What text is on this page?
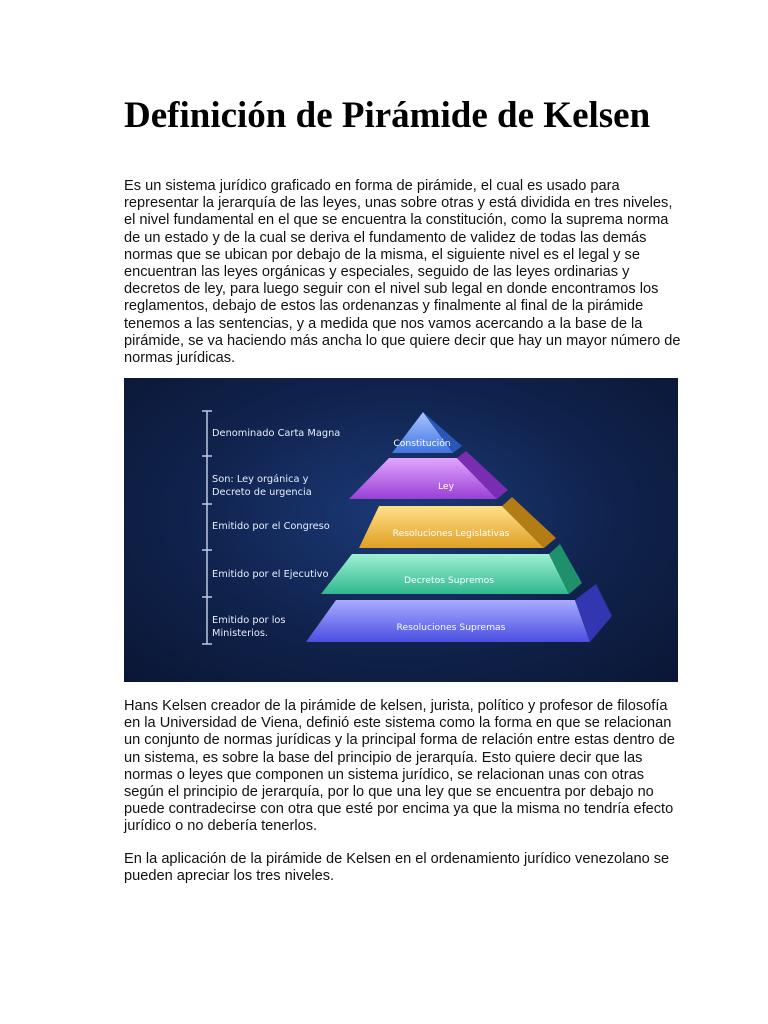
Definición de Pirámide de Kelsen

Es un sistema jurídico graficado en forma de pirámide, el cual es usado para representar la jerarquía de las leyes, unas sobre otras y está dividida en tres niveles, el nivel fundamental en el que se encuentra la constitución, como la suprema norma de un estado y de la cual se deriva el fundamento de validez de todas las demás normas que se ubican por debajo de la misma, el siguiente nivel es el legal y se encuentran las leyes orgánicas y especiales, seguido de las leyes ordinarias y decretos de ley, para luego seguir con el nivel sub legal en donde encontramos los reglamentos, debajo de estos las ordenanzas y finalmente al final de la pirámide tenemos a las sentencias, y a medida que nos vamos acercando a la base de la pirámide, se va haciendo más ancha lo que quiere decir que hay un mayor número de normas jurídicas.

Denominado Carta Magna
Son: Ley orgánica y
Decreto de urgencia
Emitido por el Congreso
Emitido por el Ejecutivo
Emitido por los
Ministerios.
Constitución
Ley
Resoluciones Legislativas
Decretos Supremos
Resoluciones Supremas

Hans Kelsen creador de la pirámide de kelsen, jurista, político y profesor de filosofía en la Universidad de Viena, definió este sistema como la forma en que se relacionan un conjunto de normas jurídicas y la principal forma de relación entre estas dentro de un sistema, es sobre la base del principio de jerarquía. Esto quiere decir que las normas o leyes que componen un sistema jurídico, se relacionan unas con otras según el principio de jerarquía, por lo que una ley que se encuentra por debajo no puede contradecirse con otra que esté por encima ya que la misma no tendría efecto jurídico o no debería tenerlos.

En la aplicación de la pirámide de Kelsen en el ordenamiento jurídico venezolano se pueden apreciar los tres niveles.
